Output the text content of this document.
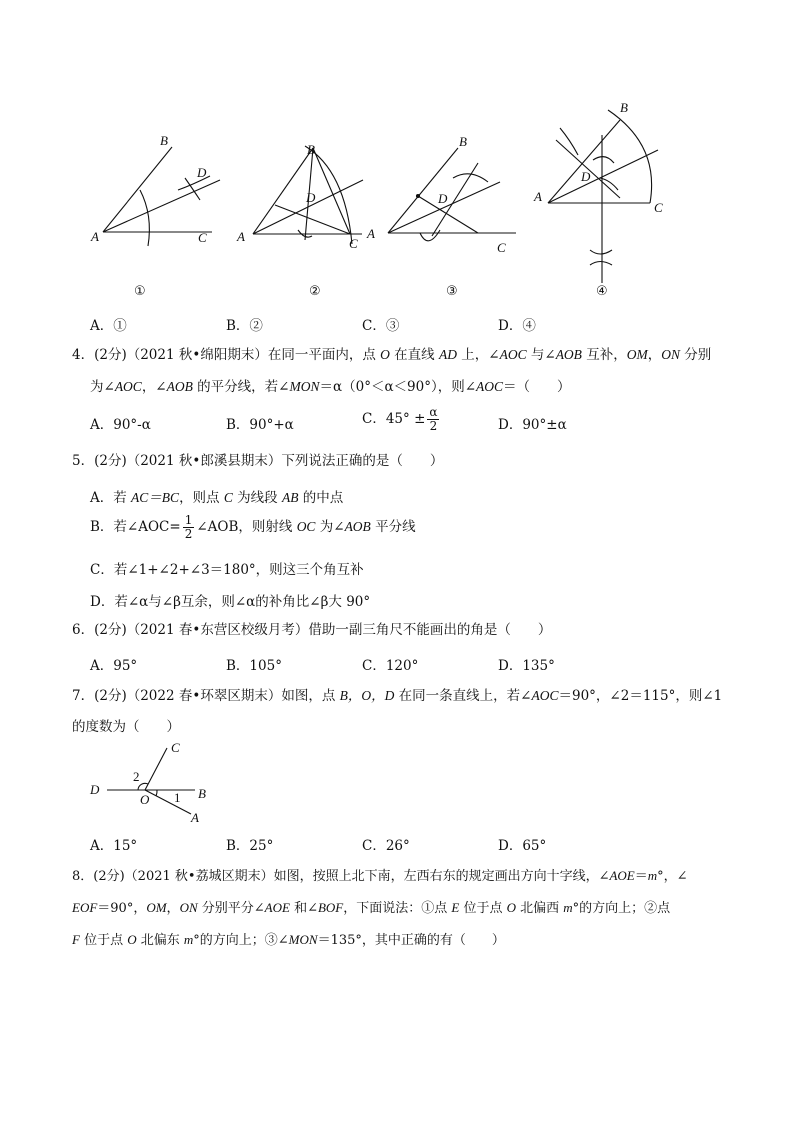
A
B
C
D
A
B
C
D
A
B
C
D	A
B
C
D
①	②	③	④
A．①	B．②	C．③	D．④
4．(2分)（2021 秋•绵阳期末）在同一平面内，点 O 在直线 AD 上，∠AOC 与∠AOB 互补，OM，ON 分别
为∠AOC，∠AOB 的平分线，若∠MON＝α（0°＜α＜90°），则∠AOC＝（　　）
A．90°-α	B．90°+α	C．$45^\circ \pm \frac{\alpha}{2}$	D．90°±α
5．(2分)（2021 秋•郎溪县期末）下列说法正确的是（　　）
A．若 AC＝BC，则点 C 为线段 AB 的中点
B．若∠AOC= $\frac{1}{2}$ ∠AOB，则射线 OC 为∠AOB 平分线
C．若∠1+∠2+∠3＝180°，则这三个角互补
D．若∠α与∠β互余，则∠α的补角比∠β大 90°
6．(2分)（2021 春•东营区校级月考）借助一副三角尺不能画出的角是（　　）
A．95°	B．105°	C．120°	D．135°
7．(2分)（2022 春•环翠区期末）如图，点 B，O，D 在同一条直线上，若∠AOC＝90°，∠2＝115°，则∠1
的度数为（　　）
D
C
B
A
O 1
2
A．15°	B．25°	C．26°	D．65°
8．(2分)（2021 秋•荔城区期末）如图，按照上北下南，左西右东的规定画出方向十字线，∠AOE＝m°，∠
EOF＝90°，OM，ON 分别平分∠AOE 和∠BOF，下面说法：①点 E 位于点 O 北偏西 m°的方向上；②点
F 位于点 O 北偏东 m°的方向上；③∠MON＝135°，其中正确的有（　　）
